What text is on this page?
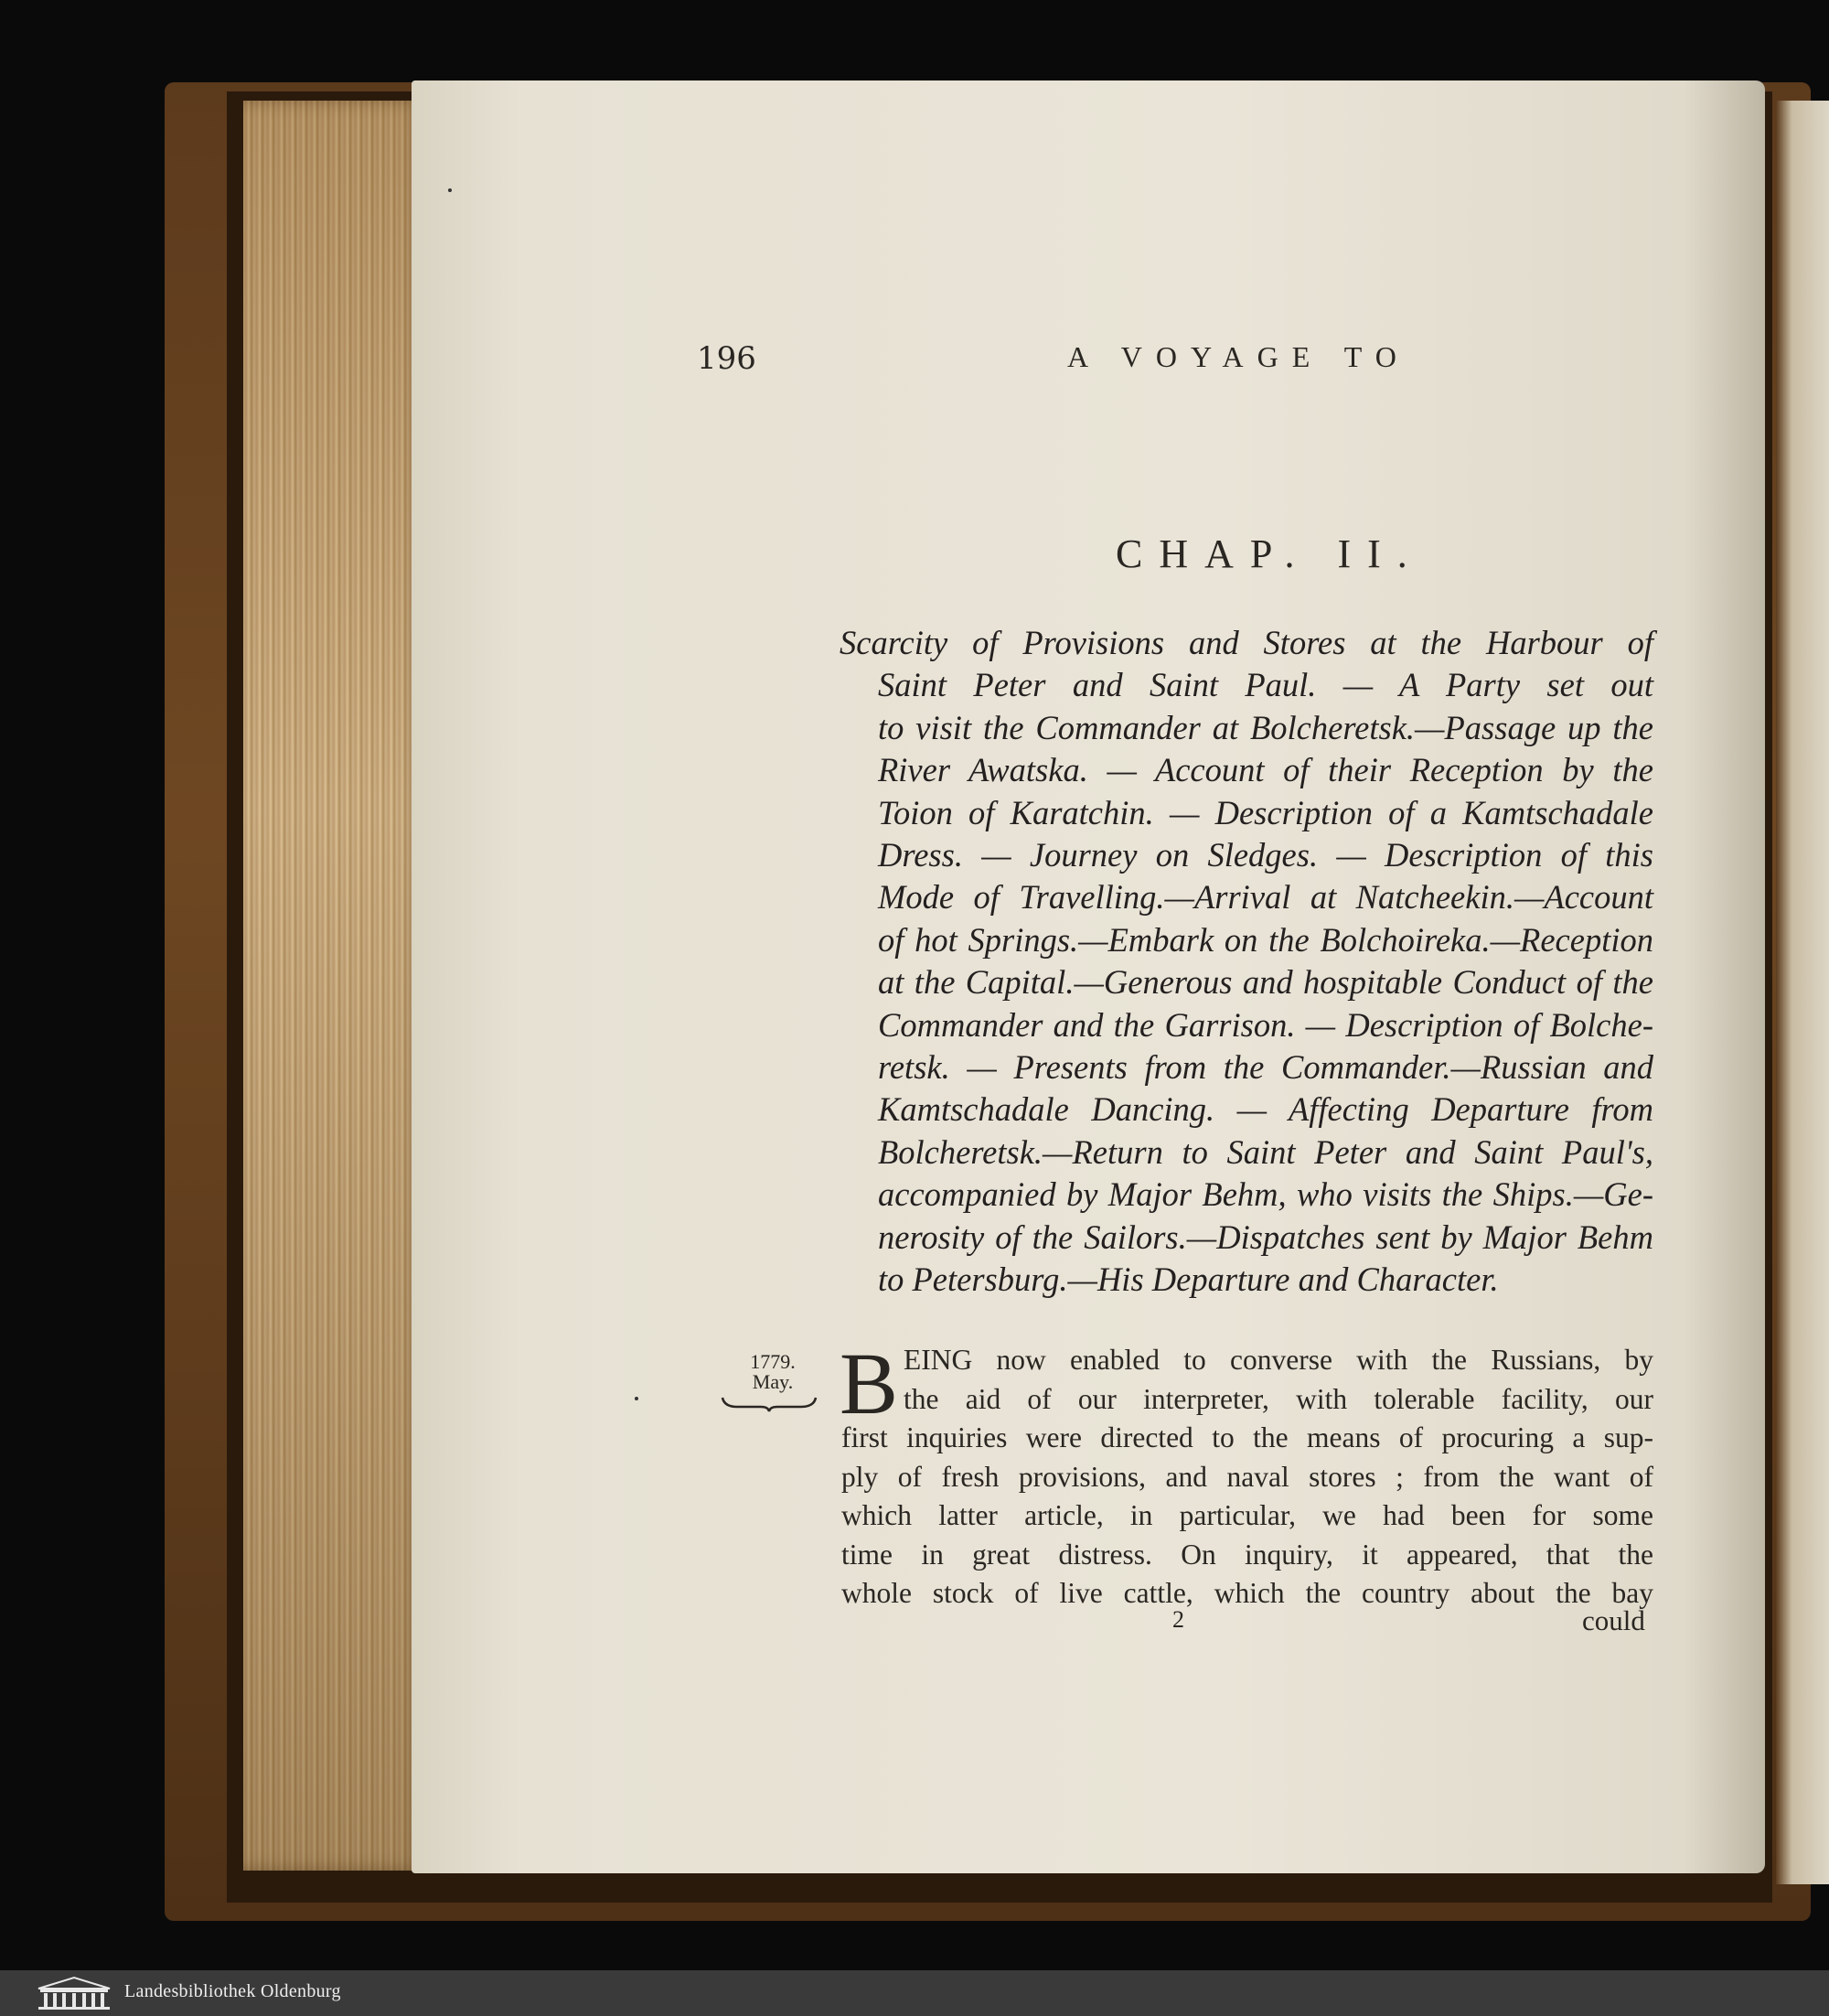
196	A VOYAGE TO
CHAP. II.
Scarcity of Provisions and Stores at the Harbour of
Saint Peter and Saint Paul. — A Party set out
to visit the Commander at Bolcheretsk.—Passage up the
River Awatska. — Account of their Reception by the
Toion of Karatchin. — Description of a Kamtschadale
Dress. — Journey on Sledges. — Description of this
Mode of Travelling.—Arrival at Natcheekin.—Account
of hot Springs.—Embark on the Bolchoireka.—Reception
at the Capital.—Generous and hospitable Conduct of the
Commander and the Garrison. — Description of Bolche-
retsk. — Presents from the Commander.—Russian and
Kamtschadale Dancing. — Affecting Departure from
Bolcheretsk.—Return to Saint Peter and Saint Paul's,
accompanied by Major Behm, who visits the Ships.—Ge-
nerosity of the Sailors.—Dispatches sent by Major Behm
to Petersburg.—His Departure and Character.
1779.
May. B EING now enabled to converse with the Russians, by
the aid of our interpreter, with tolerable facility, our
first inquiries were directed to the means of procuring a sup-
ply of fresh provisions, and naval stores ; from the want of
which latter article, in particular, we had been for some
time in great distress. On inquiry, it appeared, that the
whole stock of live cattle, which the country about the bay
2	could
Landesbibliothek Oldenburg
